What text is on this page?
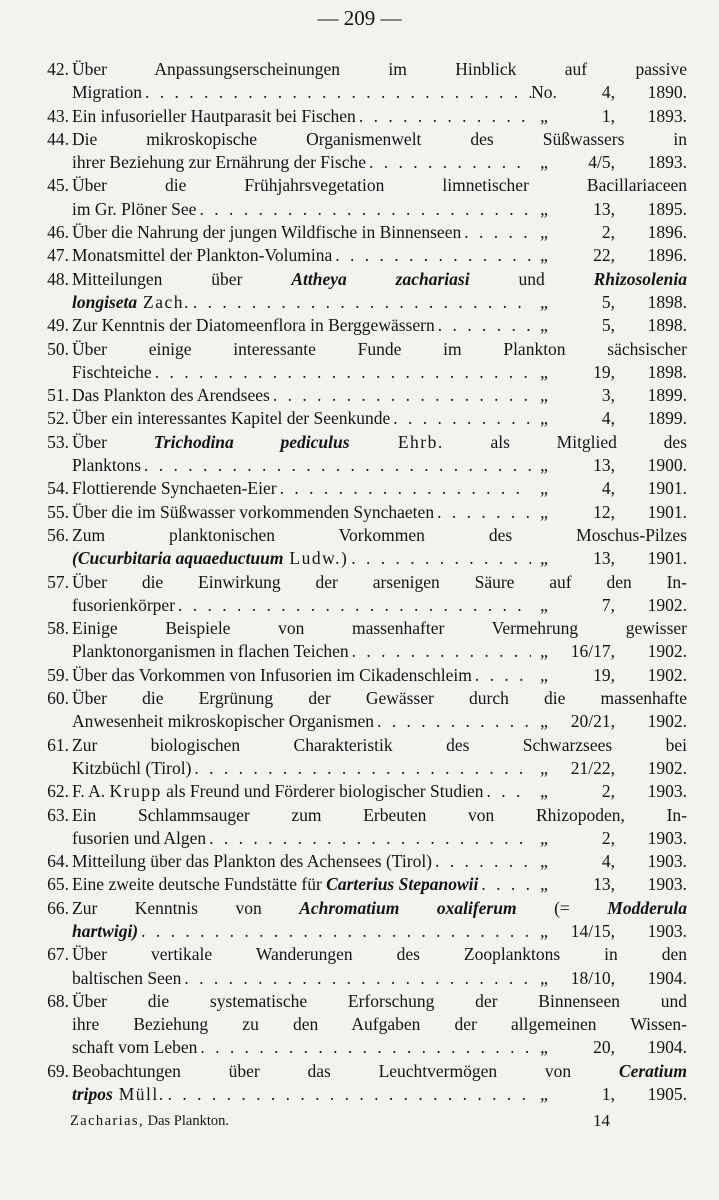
— 209 —
42. Über Anpassungserscheinungen im Hinblick auf passive
Migration . . .	No.	4,	1890.
43. Ein infusorieller Hautparasit bei Fischen . . .	„	1,	1893.
44. Die mikroskopische Organismenwelt des Süßwassers in
ihrer Beziehung zur Ernährung der Fische . . .	„	4/5,	1893.
45. Über die Frühjahrsvegetation limnetischer Bacillariaceen
im Gr. Plöner See . . .	„	13,	1895.
46. Über die Nahrung der jungen Wildfische in Binnenseen . . .	„	2,	1896.
47. Monatsmittel der Plankton-Volumina . . .	„	22,	1896.
48. Mitteilungen über Attheya zachariasi und Rhizosolenia
longiseta Zach. . . .	„	5,	1898.
49. Zur Kenntnis der Diatomeenflora in Berggewässern . . .	„	5,	1898.
50. Über einige interessante Funde im Plankton sächsischer
Fischteiche . . .	„	19,	1898.
51. Das Plankton des Arendsees . . .	„	3,	1899.
52. Über ein interessantes Kapitel der Seenkunde . . .	„	4,	1899.
53. Über Trichodina pediculus Ehrb. als Mitglied des
Planktons . . .	„	13,	1900.
54. Flottierende Synchaeten-Eier . . .	„	4,	1901.
55. Über die im Süßwasser vorkommenden Synchaeten . . .	„	12,	1901.
56. Zum planktonischen Vorkommen des Moschus-Pilzes
(Cucurbitaria aquaeductuum Ludw.) . . .	„	13,	1901.
57. Über die Einwirkung der arsenigen Säure auf den In-
fusorienkörper . . .	„	7,	1902.
58. Einige Beispiele von massenhafter Vermehrung gewisser
Planktonorganismen in flachen Teichen . . .	„	16/17,	1902.
59. Über das Vorkommen von Infusorien im Cikadenschleim . . .	„	19,	1902.
60. Über die Ergrünung der Gewässer durch die massenhafte
Anwesenheit mikroskopischer Organismen . . .	„	20/21,	1902.
61. Zur biologischen Charakteristik des Schwarzsees bei
Kitzbüchl (Tirol) . . .	„	21/22,	1902.
62. F. A. Krupp als Freund und Förderer biologischer Studien . . .	„	2,	1903.
63. Ein Schlammsauger zum Erbeuten von Rhizopoden, In-
fusorien und Algen . . .	„	2,	1903.
64. Mitteilung über das Plankton des Achensees (Tirol) . . .	„	4,	1903.
65. Eine zweite deutsche Fundstätte für Carterius Stepanowii . . .	„	13,	1903.
66. Zur Kenntnis von Achromatium oxaliferum (= Modderula
hartwigi) . . .	„	14/15,	1903.
67. Über vertikale Wanderungen des Zooplanktons in den
baltischen Seen . . .	„	18/10,	1904.
68. Über die systematische Erforschung der Binnenseen und
ihre Beziehung zu den Aufgaben der allgemeinen Wissen-
schaft vom Leben . . .	„	20,	1904.
69. Beobachtungen über das Leuchtvermögen von Ceratium
tripos Müll. . . .	„	1,	1905.
Zacharias, Das Plankton.	14
